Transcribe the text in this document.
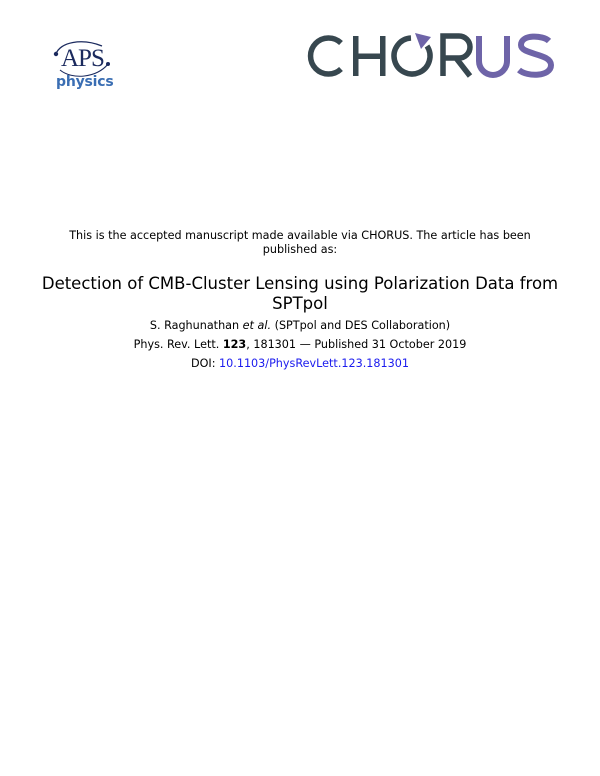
APS
physics
This is the accepted manuscript made available via CHORUS. The article has been published as:
Detection of CMB-Cluster Lensing using Polarization Data from SPTpol
S. Raghunathan et al. (SPTpol and DES Collaboration)
Phys. Rev. Lett. 123, 181301 — Published 31 October 2019
DOI: 10.1103/PhysRevLett.123.181301
